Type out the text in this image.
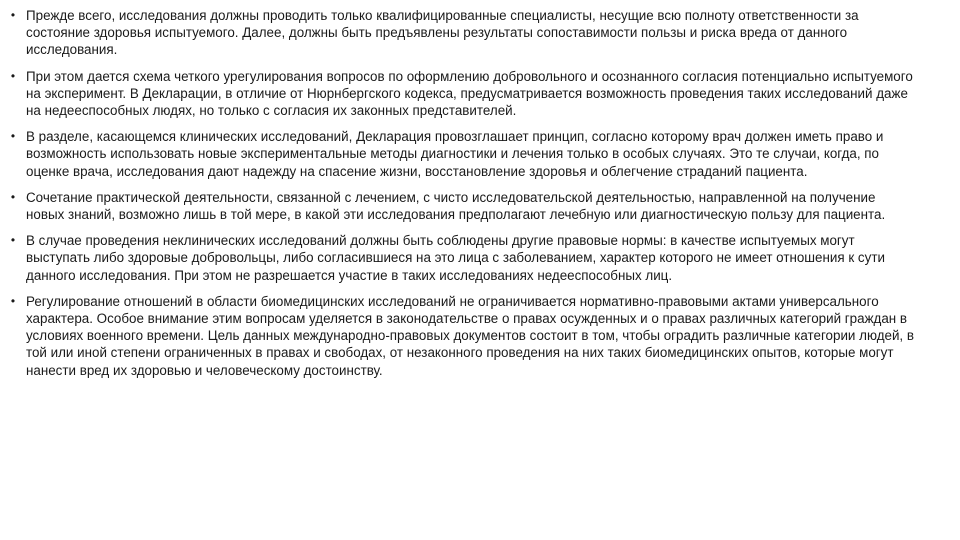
• Прежде всего, исследования должны проводить только квалифицированные специалисты, несущие всю полноту ответственности за состояние здоровья испытуемого. Далее, должны быть предъявлены результаты сопоставимости пользы и риска вреда от данного исследования.
• При этом дается схема четкого урегулирования вопросов по оформлению добровольного и осознанного согласия потенциально испытуемого на эксперимент. В Декларации, в отличие от Нюрнбергского кодекса, предусматривается возможность проведения таких исследований даже на недееспособных людях, но только с согласия их законных представителей.
• В разделе, касающемся клинических исследований, Декларация провозглашает принцип, согласно которому врач должен иметь право и возможность использовать новые экспериментальные методы диагностики и лечения только в особых случаях. Это те случаи, когда, по оценке врача, исследования дают надежду на спасение жизни, восстановление здоровья и облегчение страданий пациента.
• Сочетание практической деятельности, связанной с лечением, с чисто исследовательской деятельностью, направленной на получение новых знаний, возможно лишь в той мере, в какой эти исследования предполагают лечебную или диагностическую пользу для пациента.
• В случае проведения неклинических исследований должны быть соблюдены другие правовые нормы: в качестве испытуемых могут выступать либо здоровые добровольцы, либо согласившиеся на это лица с заболеванием, характер которого не имеет отношения к сути данного исследования. При этом не разрешается участие в таких исследованиях недееспособных лиц.
• Регулирование отношений в области биомедицинских исследований не ограничивается нормативно-правовыми актами универсального характера. Особое внимание этим вопросам уделяется в законодательстве о правах осужденных и о правах различных категорий граждан в условиях военного времени. Цель данных международно-правовых документов состоит в том, чтобы оградить различные категории людей, в той или иной степени ограниченных в правах и свободах, от незаконного проведения на них таких биомедицинских опытов, которые могут нанести вред их здоровью и человеческому достоинству.
